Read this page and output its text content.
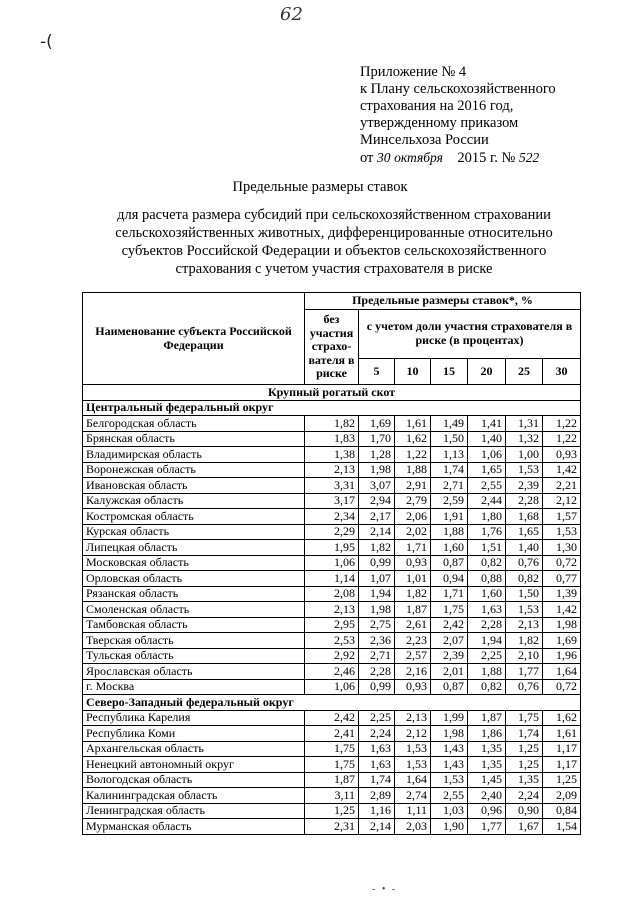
62
-(
Приложение № 4
к Плану сельскохозяйственного
страхования на 2016 год,
утвержденному приказом
Минсельхоза России
от 30 октября 2015 г. № 522
Предельные размеры ставок
для расчета размера субсидий при сельскохозяйственном страховании сельскохозяйственных животных, дифференцированные относительно субъектов Российской Федерации и объектов сельскохозяйственного страхования с учетом участия страхователя в риске
Наименование субъекта Российской Федерации	Предельные размеры ставок*, %						
	без участия страхо-вателя в риске	с учетом доли участия страхователя в риске (в процентах)					
		5	10	15	20	25	30
Крупный рогатый скот							
Центральный федеральный округ							
Белгородская область	1,82	1,69	1,61	1,49	1,41	1,31	1,22
Брянская область	1,83	1,70	1,62	1,50	1,40	1,32	1,22
Владимирская область	1,38	1,28	1,22	1,13	1,06	1,00	0,93
Воронежская область	2,13	1,98	1,88	1,74	1,65	1,53	1,42
Ивановская область	3,31	3,07	2,91	2,71	2,55	2,39	2,21
Калужская область	3,17	2,94	2,79	2,59	2,44	2,28	2,12
Костромская область	2,34	2,17	2,06	1,91	1,80	1,68	1,57
Курская область	2,29	2,14	2,02	1,88	1,76	1,65	1,53
Липецкая область	1,95	1,82	1,71	1,60	1,51	1,40	1,30
Московская область	1,06	0,99	0,93	0,87	0,82	0,76	0,72
Орловская область	1,14	1,07	1,01	0,94	0,88	0,82	0,77
Рязанская область	2,08	1,94	1,82	1,71	1,60	1,50	1,39
Смоленская область	2,13	1,98	1,87	1,75	1,63	1,53	1,42
Тамбовская область	2,95	2,75	2,61	2,42	2,28	2,13	1,98
Тверская область	2,53	2,36	2,23	2,07	1,94	1,82	1,69
Тульская область	2,92	2,71	2,57	2,39	2,25	2,10	1,96
Ярославская область	2,46	2,28	2,16	2,01	1,88	1,77	1,64
г. Москва	1,06	0,99	0,93	0,87	0,82	0,76	0,72
Северо-Западный федеральный округ							
Республика Карелия	2,42	2,25	2,13	1,99	1,87	1,75	1,62
Республика Коми	2,41	2,24	2,12	1,98	1,86	1,74	1,61
Архангельская область	1,75	1,63	1,53	1,43	1,35	1,25	1,17
Ненецкий автономный округ	1,75	1,63	1,53	1,43	1,35	1,25	1,17
Вологодская область	1,87	1,74	1,64	1,53	1,45	1,35	1,25
Калининградская область	3,11	2,89	2,74	2,55	2,40	2,24	2,09
Ленинградская область	1,25	1,16	1,11	1,03	0,96	0,90	0,84
Мурманская область	2,31	2,14	2,03	1,90	1,77	1,67	1,54
- • -
